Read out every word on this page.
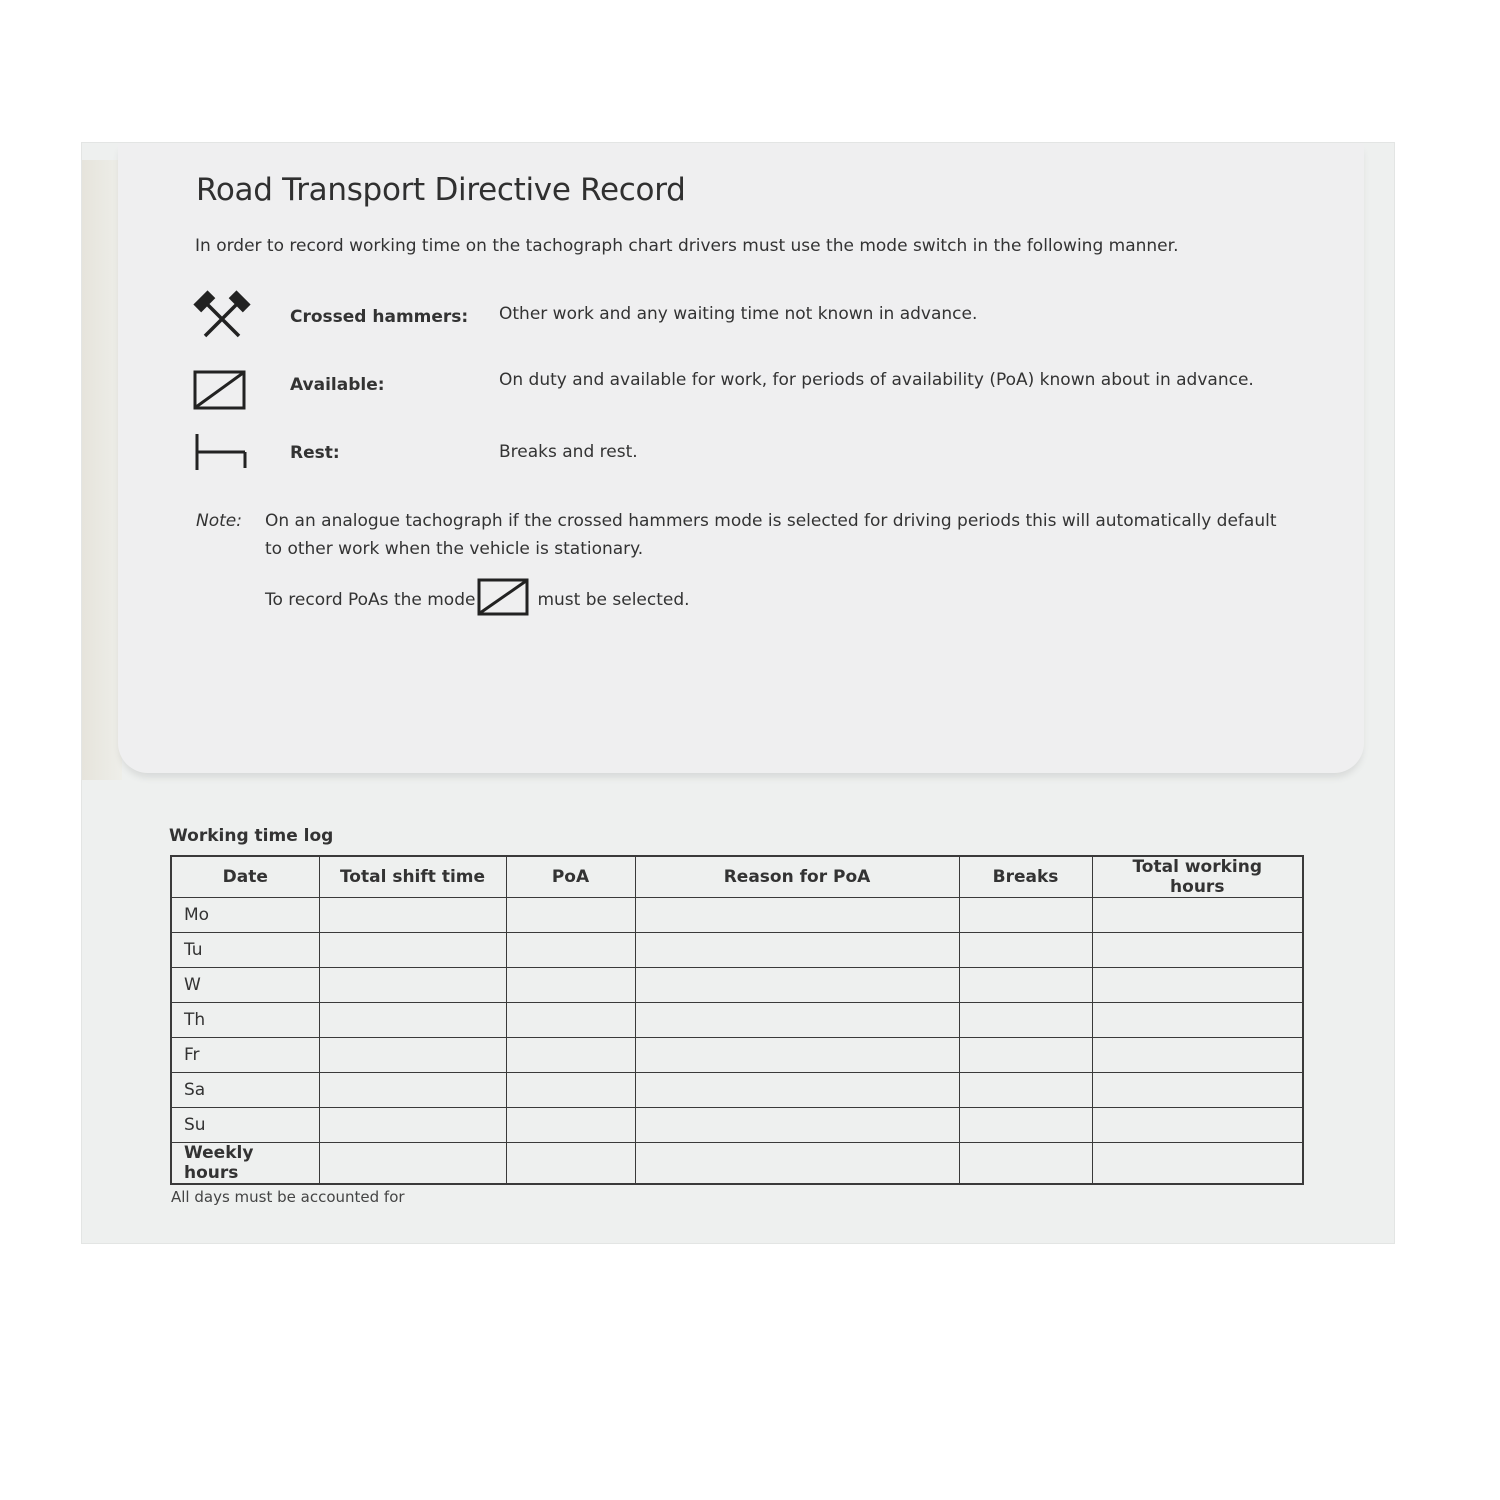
Road Transport Directive Record
In order to record working time on the tachograph chart drivers must use the mode switch in the following manner.
Crossed hammers: Other work and any waiting time not known in advance.
Available:	On duty and available for work, for periods of availability (PoA) known about in advance.
Rest:	Breaks and rest.
Note: On an analogue tachograph if the crossed hammers mode is selected for driving periods this will automatically default to other work when the vehicle is stationary.
To record PoAs the mode	must be selected.
Working time log
Date	Total shift time	PoA	Reason for PoA	Breaks	Total working hours
Mo					
Tu					
W					
Th					
Fr					
Sa					
Su					
Weekly hours					
All days must be accounted for
